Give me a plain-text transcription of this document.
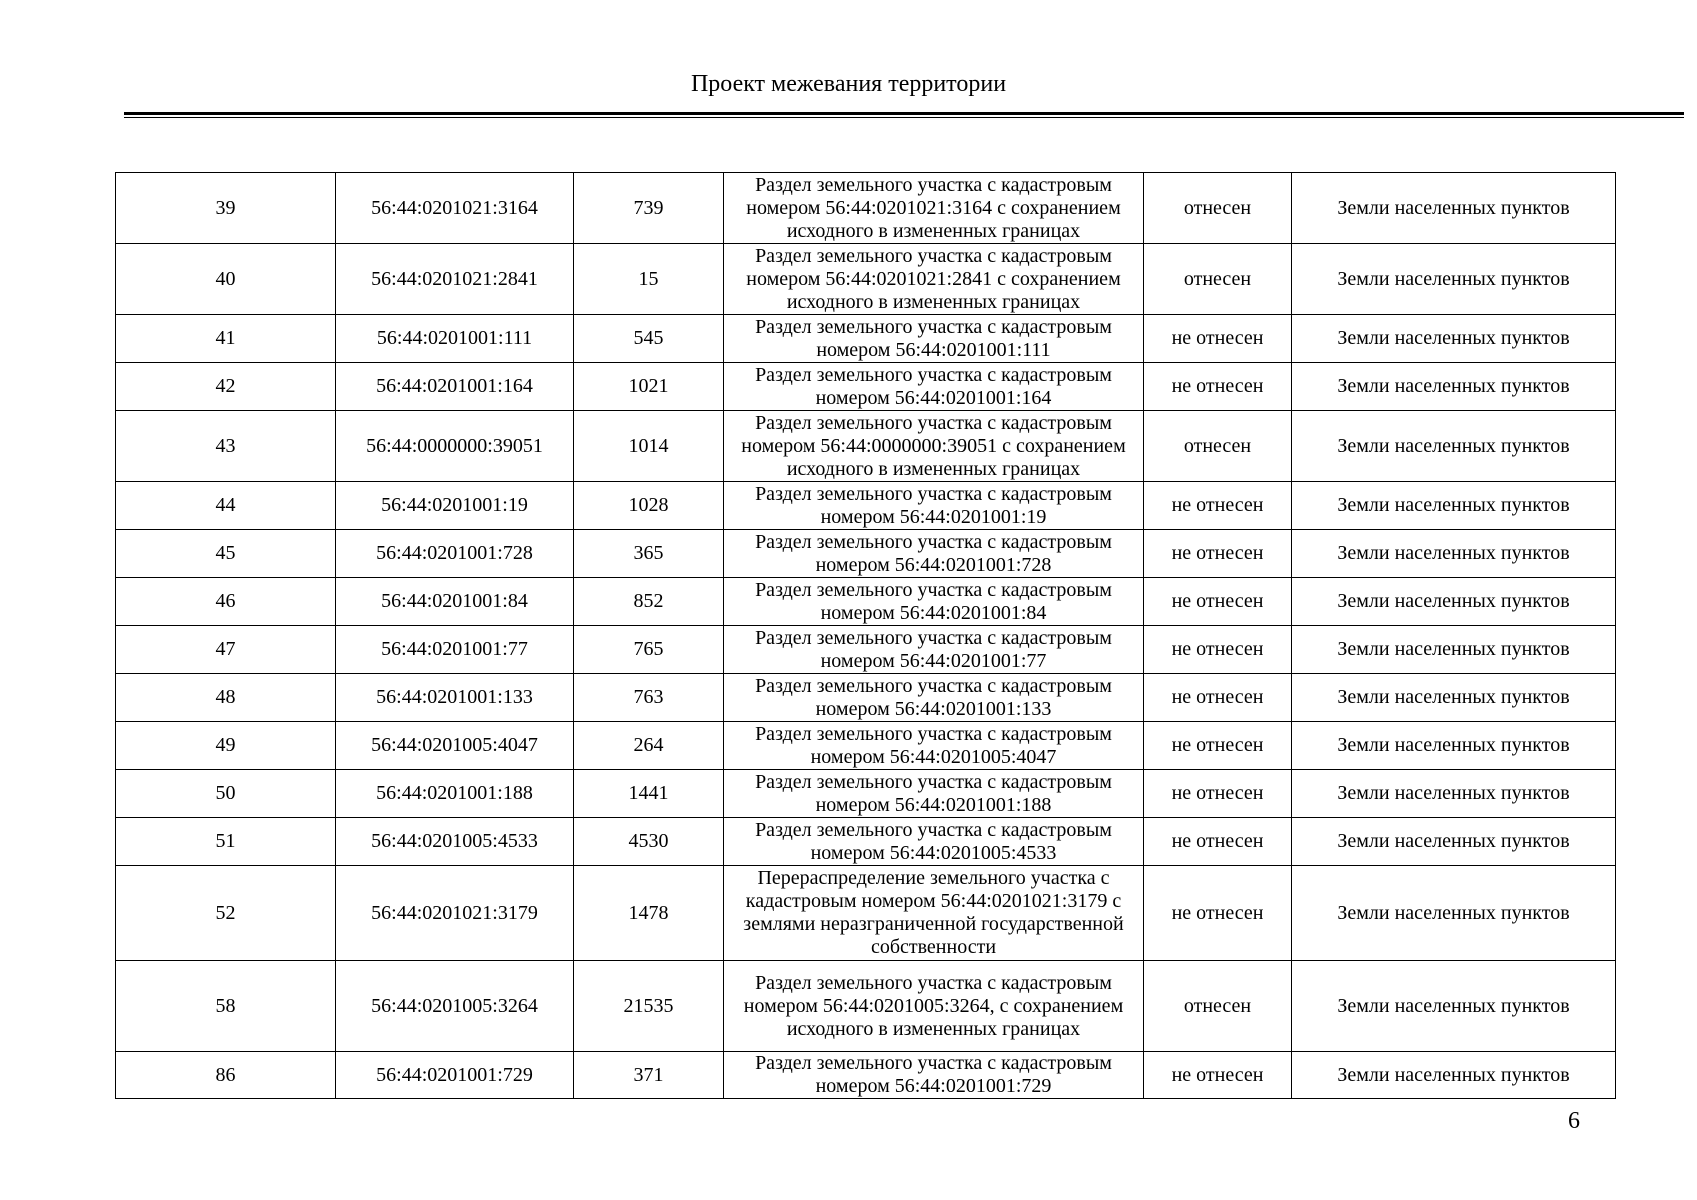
Проект межевания территории
39	56:44:0201021:3164	739	Раздел земельного участка с кадастровым номером 56:44:0201021:3164 с сохранением исходного в измененных границах	отнесен	Земли населенных пунктов
40	56:44:0201021:2841	15	Раздел земельного участка с кадастровым номером 56:44:0201021:2841 с сохранением исходного в измененных границах	отнесен	Земли населенных пунктов
41	56:44:0201001:111	545	Раздел земельного участка с кадастровым номером 56:44:0201001:111	не отнесен	Земли населенных пунктов
42	56:44:0201001:164	1021	Раздел земельного участка с кадастровым номером 56:44:0201001:164	не отнесен	Земли населенных пунктов
43	56:44:0000000:39051	1014	Раздел земельного участка с кадастровым номером 56:44:0000000:39051 с сохранением исходного в измененных границах	отнесен	Земли населенных пунктов
44	56:44:0201001:19	1028	Раздел земельного участка с кадастровым номером 56:44:0201001:19	не отнесен	Земли населенных пунктов
45	56:44:0201001:728	365	Раздел земельного участка с кадастровым номером 56:44:0201001:728	не отнесен	Земли населенных пунктов
46	56:44:0201001:84	852	Раздел земельного участка с кадастровым номером 56:44:0201001:84	не отнесен	Земли населенных пунктов
47	56:44:0201001:77	765	Раздел земельного участка с кадастровым номером 56:44:0201001:77	не отнесен	Земли населенных пунктов
48	56:44:0201001:133	763	Раздел земельного участка с кадастровым номером 56:44:0201001:133	не отнесен	Земли населенных пунктов
49	56:44:0201005:4047	264	Раздел земельного участка с кадастровым номером 56:44:0201005:4047	не отнесен	Земли населенных пунктов
50	56:44:0201001:188	1441	Раздел земельного участка с кадастровым номером 56:44:0201001:188	не отнесен	Земли населенных пунктов
51	56:44:0201005:4533	4530	Раздел земельного участка с кадастровым номером 56:44:0201005:4533	не отнесен	Земли населенных пунктов
52	56:44:0201021:3179	1478	Перераспределение земельного участка с кадастровым номером 56:44:0201021:3179 с землями неразграниченной государственной собственности	не отнесен	Земли населенных пунктов
58	56:44:0201005:3264	21535	Раздел земельного участка с кадастровым номером 56:44:0201005:3264, с сохранением исходного в измененных границах	отнесен	Земли населенных пунктов
86	56:44:0201001:729	371	Раздел земельного участка с кадастровым номером 56:44:0201001:729	не отнесен	Земли населенных пунктов
6
